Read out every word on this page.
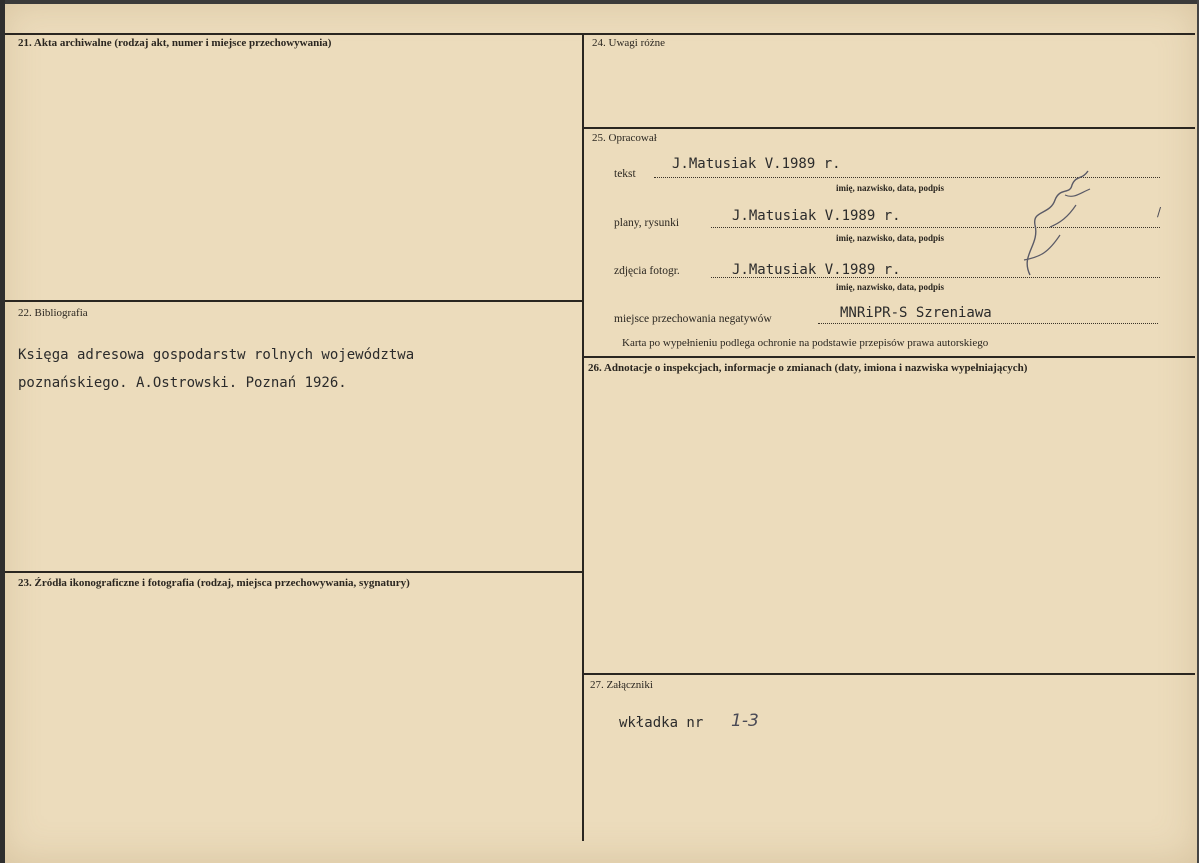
21. Akta archiwalne (rodzaj akt, numer i miejsce przechowywania)
22. Bibliografia
Księga adresowa gospodarstw rolnych województwa
poznańskiego. A.Ostrowski. Poznań 1926.
23. Źródła ikonograficzne i fotografia (rodzaj, miejsca przechowywania, sygnatury)
24. Uwagi różne
25. Opracował
tekst
J.Matusiak V.1989 r.
imię, nazwisko, data, podpis
plany, rysunki	J.Matusiak V.1989 r.
imię, nazwisko, data, podpis
zdjęcia fotogr.	J.Matusiak V.1989 r.
imię, nazwisko, data, podpis
miejsce przechowania negatywów	MNRiPR-S Szreniawa
Karta po wypełnieniu podlega ochronie na podstawie przepisów prawa autorskiego
/
26. Adnotacje o inspekcjach, informacje o zmianach (daty, imiona i nazwiska wypełniających)
27. Załączniki
wkładka nr 1-3
